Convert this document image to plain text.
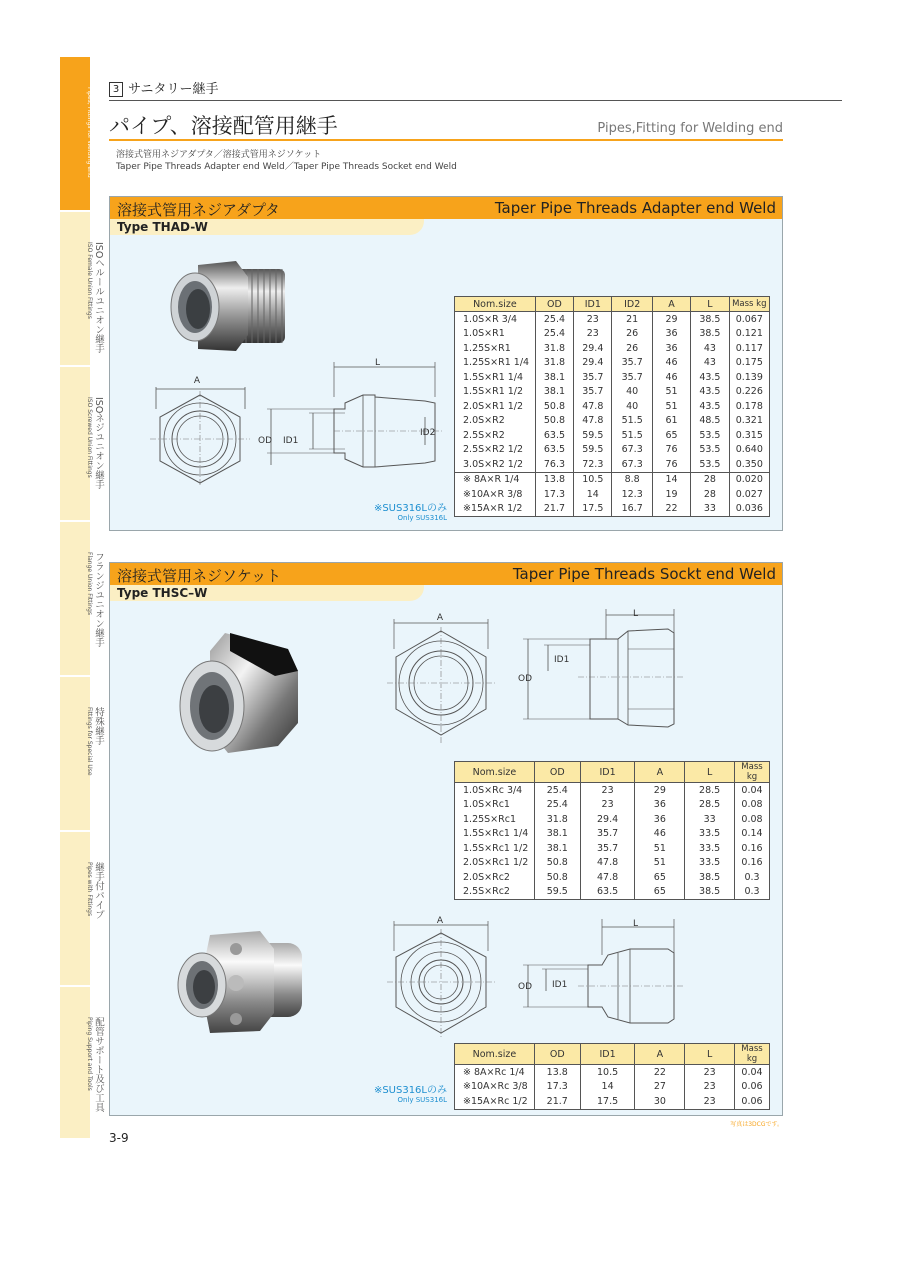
パイプ、溶接配管用継手
Pipes, Fittings for Welding end
ISOヘルールユニオン継手
ISO Female Union Fittings
ISOネジユニオン継手
ISO Screwed Union Fittings
フランジユニオン継手
Flange Union Fittings
特殊継手
Fittings for Special Use
継手付パイプ
Pipes with Fittings
配管サポート及び工具
Piping Support and Tools
3 サニタリー継手
パイプ、溶接配管用継手	Pipes,Fitting for Welding end
溶接式管用ネジアダプタ／溶接式管用ネジソケット
Taper Pipe Threads Adapter end Weld／Taper Pipe Threads Socket end Weld
溶接式管用ネジアダプタ	Taper Pipe Threads Adapter end Weld
Type THAD-W
A
L
OD ID1
ID2
※SUS316Lのみ
Only SUS316L
Nom.size	OD	ID1	ID2	A	L	Mass kg
1.0S×R 3/4	25.4	23	21	29	38.5	0.067
1.0S×R1	25.4	23	26	36	38.5	0.121
1.25S×R1	31.8	29.4	26	36	43	0.117
1.25S×R1 1/4	31.8	29.4	35.7	46	43	0.175
1.5S×R1 1/4	38.1	35.7	35.7	46	43.5	0.139
1.5S×R1 1/2	38.1	35.7	40	51	43.5	0.226
2.0S×R1 1/2	50.8	47.8	40	51	43.5	0.178
2.0S×R2	50.8	47.8	51.5	61	48.5	0.321
2.5S×R2	63.5	59.5	51.5	65	53.5	0.315
2.5S×R2 1/2	63.5	59.5	67.3	76	53.5	0.640
3.0S×R2 1/2	76.3	72.3	67.3	76	53.5	0.350
※ 8A×R 1/4	13.8	10.5	8.8	14	28	0.020
※10A×R 3/8	17.3	14	12.3	19	28	0.027
※15A×R 1/2	21.7	17.5	16.7	22	33	0.036
溶接式管用ネジソケット	Taper Pipe Threads Sockt end Weld
Type THSC–W
A	L
OD
ID1
A	L
OD ID1
※SUS316Lのみ
Only SUS316L
Nom.size	OD	ID1	A	L	Mass kg
1.0S×Rc 3/4	25.4	23	29	28.5	0.04
1.0S×Rc1	25.4	23	36	28.5	0.08
1.25S×Rc1	31.8	29.4	36	33	0.08
1.5S×Rc1 1/4	38.1	35.7	46	33.5	0.14
1.5S×Rc1 1/2	38.1	35.7	51	33.5	0.16
2.0S×Rc1 1/2	50.8	47.8	51	33.5	0.16
2.0S×Rc2	50.8	47.8	65	38.5	0.3
2.5S×Rc2	59.5	63.5	65	38.5	0.3
Nom.size	OD	ID1	A	L	Mass kg
※ 8A×Rc 1/4	13.8	10.5	22	23	0.04
※10A×Rc 3/8	17.3	14	27	23	0.06
※15A×Rc 1/2	21.7	17.5	30	23	0.06
3-9
写真は3DCGです。
